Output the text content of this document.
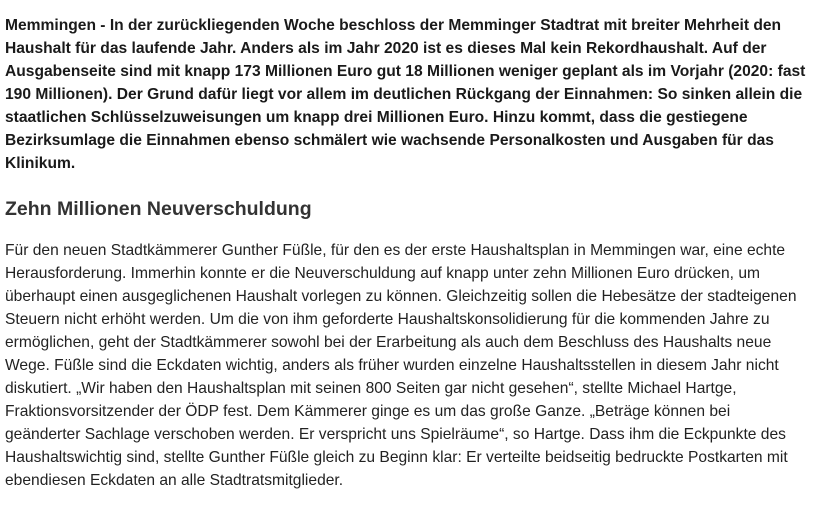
Memmingen - In der zurückliegenden Woche beschloss der Memminger Stadtrat mit breiter Mehrheit den Haushalt für das laufende Jahr. Anders als im Jahr 2020 ist es dieses Mal kein Rekordhaushalt. Auf der Ausgabenseite sind mit knapp 173 Millionen Euro gut 18 Millionen weniger geplant als im Vorjahr (2020: fast 190 Millionen). Der Grund dafür liegt vor allem im deutlichen Rückgang der Einnahmen: So sinken allein die staatlichen Schlüsselzuweisungen um knapp drei Millionen Euro. Hinzu kommt, dass die gestiegene Bezirksumlage die Einnahmen ebenso schmälert wie wachsende Personalkosten und Ausgaben für das Klinikum.

Zehn Millionen Neuverschuldung

Für den neuen Stadtkämmerer Gunther Füßle, für den es der erste Haushaltsplan in Memmingen war, eine echte Herausforderung. Immerhin konnte er die Neuverschuldung auf knapp unter zehn Millionen Euro drücken, um überhaupt einen ausgeglichenen Haushalt vorlegen zu können. Gleichzeitig sollen die Hebesätze der stadteigenen Steuern nicht erhöht werden. Um die von ihm geforderte Haushaltskonsolidierung für die kommenden Jahre zu ermöglichen, geht der Stadtkämmerer sowohl bei der Erarbeitung als auch dem Beschluss des Haushalts neue Wege. Füßle sind die Eckdaten wichtig, anders als früher wurden einzelne Haushaltsstellen in diesem Jahr nicht diskutiert. „Wir haben den Haushaltsplan mit seinen 800 Seiten gar nicht gesehen“, stellte Michael Hartge, Fraktionsvorsitzender der ÖDP fest. Dem Kämmerer ginge es um das große Ganze. „Beträge können bei geänderter Sachlage verschoben werden. Er verspricht uns Spielräume“, so Hartge. Dass ihm die Eckpunkte des Haushaltswichtig sind, stellte Gunther Füßle gleich zu Beginn klar: Er verteilte beidseitig bedruckte Postkarten mit ebendiesen Eckdaten an alle Stadtratsmitglieder.
